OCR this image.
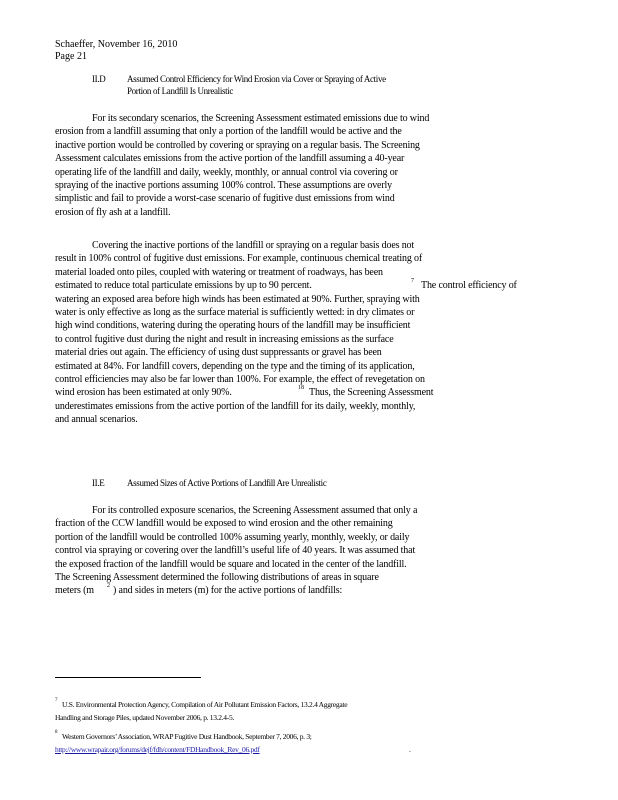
Schaeffer, November 16, 2010
Page 21
II.D Assumed Control Efficiency for Wind Erosion via Cover or Spraying of Active
Portion of Landfill Is Unrealistic
For its secondary scenarios, the Screening Assessment estimated emissions due to wind
erosion from a landfill assuming that only a portion of the landfill would be active and the
inactive portion would be controlled by covering or spraying on a regular basis. The Screening
Assessment calculates emissions from the active portion of the landfill assuming a 40-year
operating life of the landfill and daily, weekly, monthly, or annual control via covering or
spraying of the inactive portions assuming 100% control. These assumptions are overly
simplistic and fail to provide a worst-case scenario of fugitive dust emissions from wind
erosion of fly ash at a landfill.
Covering the inactive portions of the landfill or spraying on a regular basis does not
result in 100% control of fugitive dust emissions. For example, continuous chemical treating of
material loaded onto piles, coupled with watering or treatment of roadways, has been
estimated to reduce total particulate emissions by up to 90 percent.	7 The control efficiency of
watering an exposed area before high winds has been estimated at 90%. Further, spraying with
water is only effective as long as the surface material is sufficiently wetted: in dry climates or
high wind conditions, watering during the operating hours of the landfill may be insufficient
to control fugitive dust during the night and result in increasing emissions as the surface
material dries out again. The efficiency of using dust suppressants or gravel has been
estimated at 84%. For landfill covers, depending on the type and the timing of its application,
control efficiencies may also be far lower than 100%. For example, the effect of revegetation on
wind erosion has been estimated at only 90%.	18 Thus, the Screening Assessment
underestimates emissions from the active portion of the landfill for its daily, weekly, monthly,
and annual scenarios.
II.E	Assumed Sizes of Active Portions of Landfill Are Unrealistic
For its controlled exposure scenarios, the Screening Assessment assumed that only a
fraction of the CCW landfill would be exposed to wind erosion and the other remaining
portion of the landfill would be controlled 100% assuming yearly, monthly, weekly, or daily
control via spraying or covering over the landfill’s useful life of 40 years. It was assumed that
the exposed fraction of the landfill would be square and located in the center of the landfill.
The Screening Assessment determined the following distributions of areas in square
meters (m 2 ) and sides in meters (m) for the active portions of landfills:
7 U.S. Environmental Protection Agency, Compilation of Air Pollutant Emission Factors, 13.2.4 Aggregate
Handling and Storage Piles, updated November 2006, p. 13.2.4-5.
8 Western Governors’ Association, WRAP Fugitive Dust Handbook, September 7, 2006, p. 3;
http://www.wrapair.org/forums/dejf/fdh/content/FDHandbook_Rev_06.pdf	.
